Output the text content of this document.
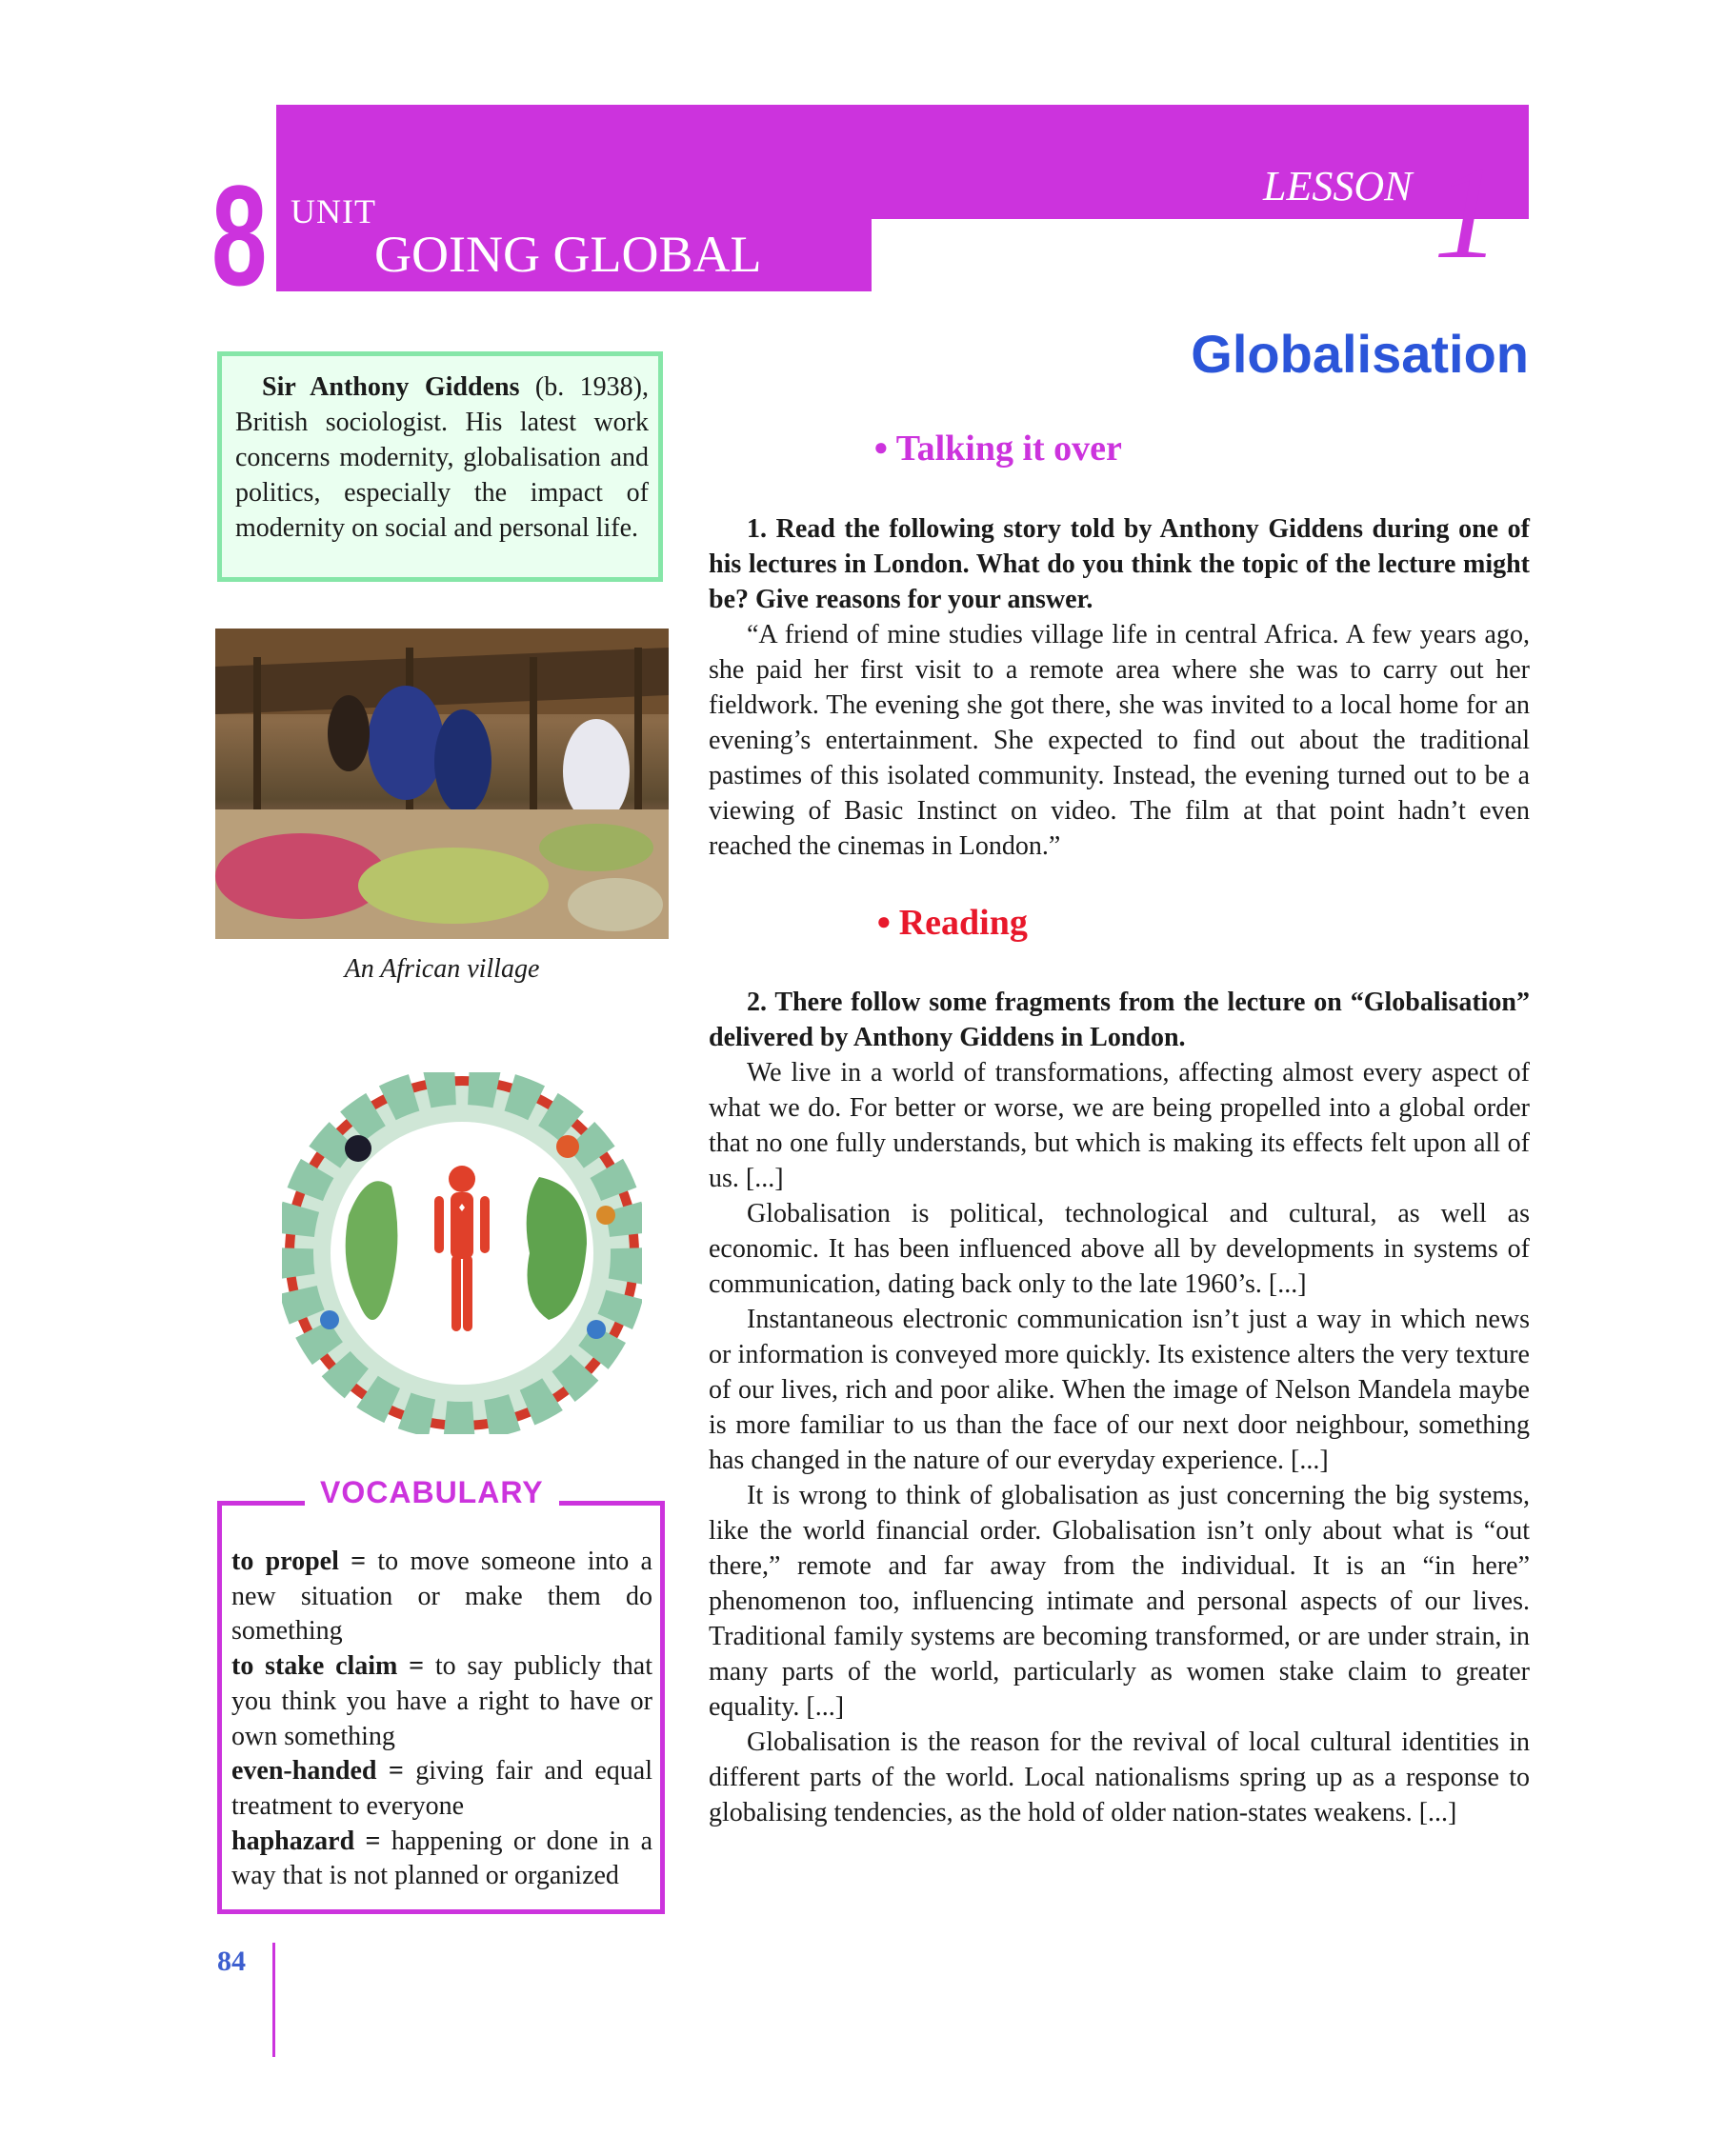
8 UNIT
GOING GLOBAL
LESSON 1
Sir Anthony Giddens (b. 1938), British sociologist. His latest work concerns modernity, globalisation and politics, especially the impact of modernity on social and personal life.
An African village
VOCABULARY
to propel = to move someone into a new situation or make them do something
to stake claim = to say publicly that you think you have a right to have or own something
even-handed = giving fair and equal treatment to everyone
haphazard = happening or done in a way that is not planned or organized
84
Globalisation
● Talking it over

1. Read the following story told by Anthony Giddens during one of his lectures in London. What do you think the topic of the lecture might be? Give reasons for your answer.

“A friend of mine studies village life in central Africa. A few years ago, she paid her first visit to a remote area where she was to carry out her fieldwork. The evening she got there, she was invited to a local home for an evening’s entertainment. She expected to find out about the traditional pastimes of this isolated community. Instead, the evening turned out to be a viewing of Basic Instinct on video. The film at that point hadn’t even reached the cinemas in London.”

● Reading

2. There follow some fragments from the lecture on “Globalisation” delivered by Anthony Giddens in London.

We live in a world of transformations, affecting almost every aspect of what we do. For better or worse, we are being propelled into a global order that no one fully understands, but which is making its effects felt upon all of us. [...]

Globalisation is political, technological and cultural, as well as economic. It has been influenced above all by developments in systems of communication, dating back only to the late 1960’s. [...]

Instantaneous electronic communication isn’t just a way in which news or information is conveyed more quickly. Its existence alters the very texture of our lives, rich and poor alike. When the image of Nelson Mandela maybe is more familiar to us than the face of our next door neighbour, something has changed in the nature of our everyday experience. [...]

It is wrong to think of globalisation as just concerning the big systems, like the world financial order. Globalisation isn’t only about what is “out there,” remote and far away from the individual. It is an “in here” phenomenon too, influencing intimate and personal aspects of our lives. Traditional family systems are becoming transformed, or are under strain, in many parts of the world, particularly as women stake claim to greater equality. [...]

Globalisation is the reason for the revival of local cultural identities in different parts of the world. Local nationalisms spring up as a response to globalising tendencies, as the hold of older nation-states weakens. [...]
